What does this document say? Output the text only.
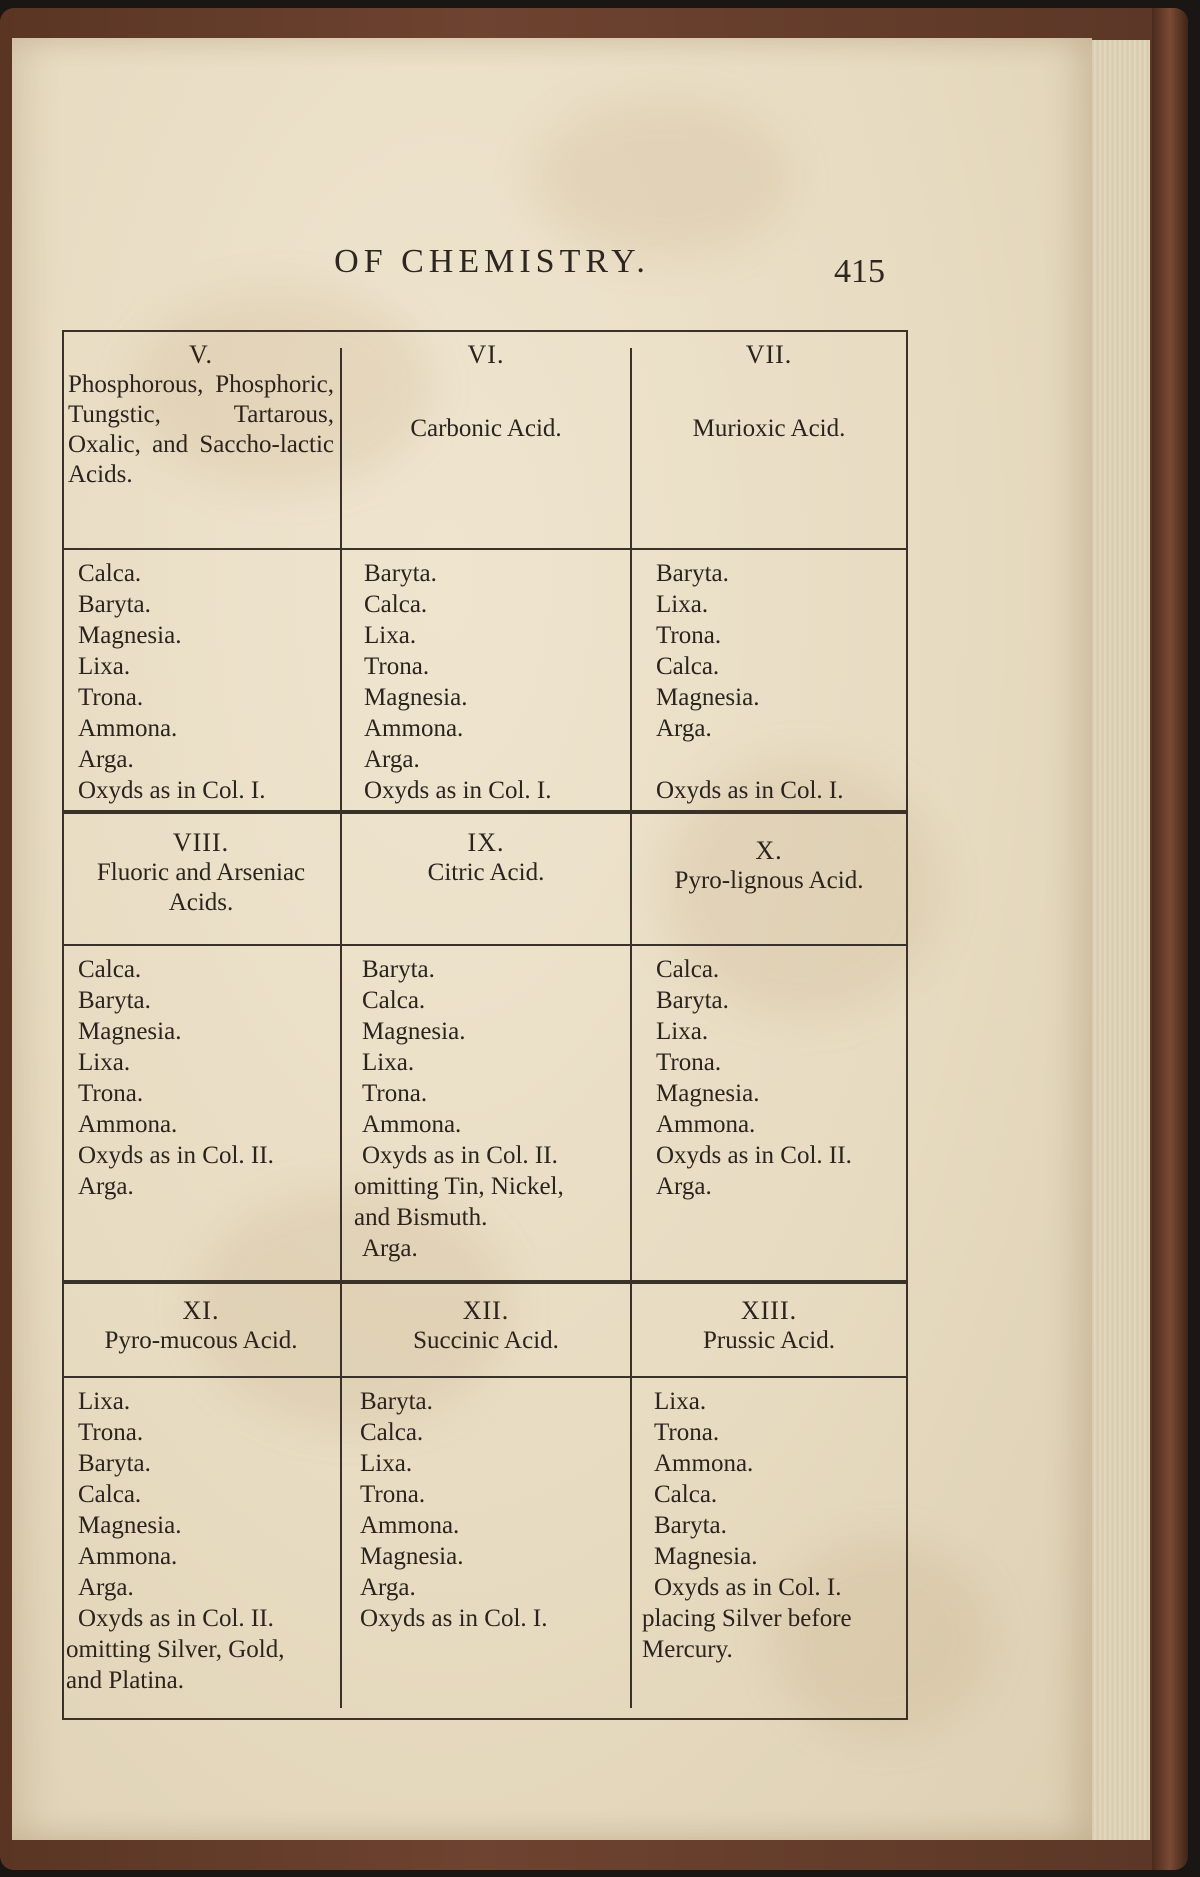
OF CHEMISTRY.	415
V.
Phosphorous, Phosphoric, Tungstic, Tartarous, Oxalic, and Saccho-lactic Acids.
VI.
Carbonic Acid.
VII.
Murioxic Acid.
Calca.
Baryta.
Magnesia.
Lixa.
Trona.
Ammona.
Arga.
Oxyds as in Col. I.
Baryta.
Calca.
Lixa.
Trona.
Magnesia.
Ammona.
Arga.
Oxyds as in Col. I.
Baryta.
Lixa.
Trona.
Calca.
Magnesia.
Arga.
Oxyds as in Col. I.
VIII.
Fluoric and Arseniac Acids.
IX.
Citric Acid.
X.
Pyro-lignous Acid.
Calca.
Baryta.
Magnesia.
Lixa.
Trona.
Ammona.
Oxyds as in Col. II.
Arga.
Baryta.
Calca.
Magnesia.
Lixa.
Trona.
Ammona.
Oxyds as in Col. II.
omitting Tin, Nickel,
and Bismuth.
Arga.
Calca.
Baryta.
Lixa.
Trona.
Magnesia.
Ammona.
Oxyds as in Col. II.
Arga.
XI.
Pyro-mucous Acid.
XII.
Succinic Acid.
XIII.
Prussic Acid.
Lixa.
Trona.
Baryta.
Calca.
Magnesia.
Ammona.
Arga.
Oxyds as in Col. II.
omitting Silver, Gold,
and Platina.
Baryta.
Calca.
Lixa.
Trona.
Ammona.
Magnesia.
Arga.
Oxyds as in Col. I.
Lixa.
Trona.
Ammona.
Calca.
Baryta.
Magnesia.
Oxyds as in Col. I.
placing Silver before
Mercury.
